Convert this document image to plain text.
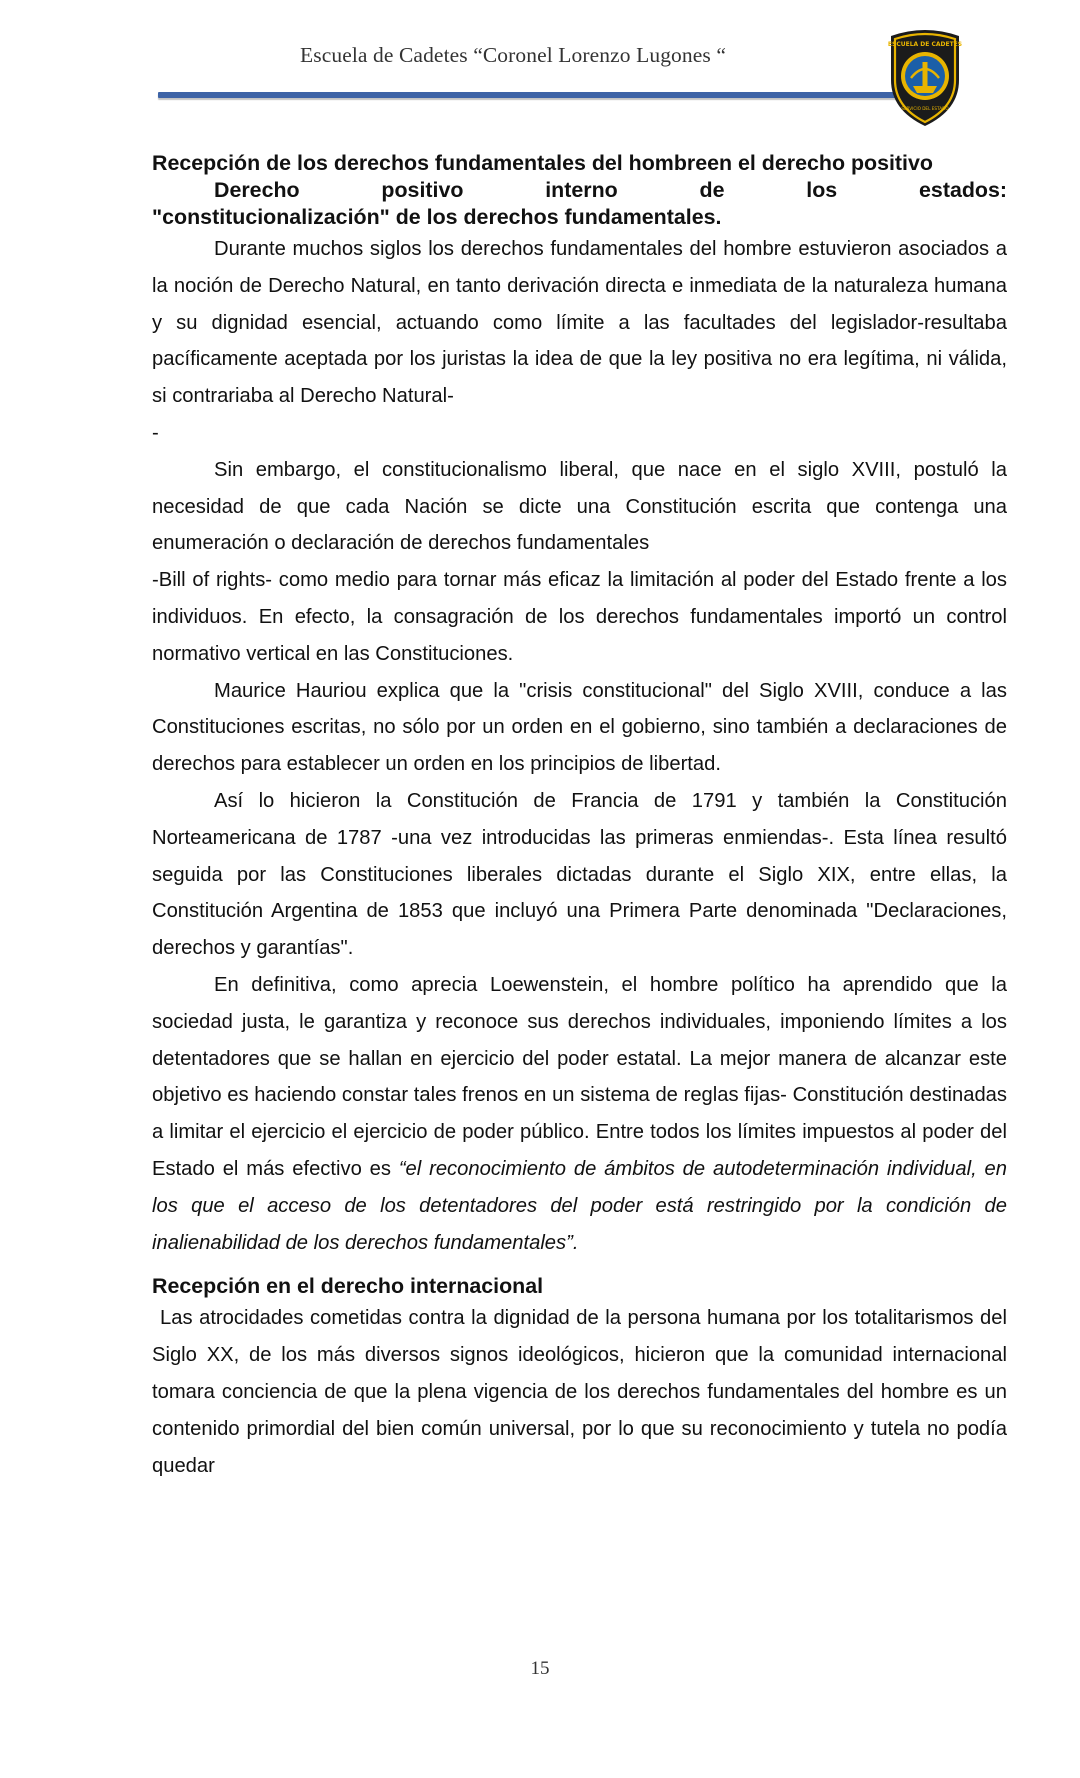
Escuela de Cadetes “Coronel Lorenzo Lugones “	ESCUELA DE CADETES
SERVICIO DEL ESTADO

Recepción de los derechos fundamentales del hombreen el derecho positivo

Derecho positivo interno de los estados:
"constitucionalización" de los derechos fundamentales.

Durante muchos siglos los derechos fundamentales del hombre estuvieron asociados a la noción de Derecho Natural, en tanto derivación directa e inmediata de la naturaleza humana y su dignidad esencial, actuando como límite a las facultades del legislador-resultaba pacíficamente aceptada por los juristas la idea de que la ley positiva no era legítima, ni válida, si contrariaba al Derecho Natural-

-

Sin embargo, el constitucionalismo liberal, que nace en el siglo XVIII, postuló la necesidad de que cada Nación se dicte una Constitución escrita que contenga una enumeración o declaración de derechos fundamentales
-Bill of rights- como medio para tornar más eficaz la limitación al poder del Estado frente a los individuos. En efecto, la consagración de los derechos fundamentales importó un control normativo vertical en las Constituciones.

Maurice Hauriou explica que la "crisis constitucional" del Siglo XVIII, conduce a las Constituciones escritas, no sólo por un orden en el gobierno, sino también a declaraciones de derechos para establecer un orden en los principios de libertad.

Así lo hicieron la Constitución de Francia de 1791 y también la Constitución Norteamericana de 1787 -una vez introducidas las primeras enmiendas-. Esta línea resultó seguida por las Constituciones liberales dictadas durante el Siglo XIX, entre ellas, la Constitución Argentina de 1853 que incluyó una Primera Parte denominada "Declaraciones, derechos y garantías".

En definitiva, como aprecia Loewenstein, el hombre político ha aprendido que la sociedad justa, le garantiza y reconoce sus derechos individuales, imponiendo límites a los detentadores que se hallan en ejercicio del poder estatal. La mejor manera de alcanzar este objetivo es haciendo constar tales frenos en un sistema de reglas fijas- Constitución destinadas a limitar el ejercicio el ejercicio de poder público. Entre todos los límites impuestos al poder del Estado el más efectivo es “el reconocimiento de ámbitos de autodeterminación individual, en los que el acceso de los detentadores del poder está restringido por la condición de inalienabilidad de los derechos fundamentales”.

Recepción en el derecho internacional

Las atrocidades cometidas contra la dignidad de la persona humana por los totalitarismos del Siglo XX, de los más diversos signos ideológicos, hicieron que la comunidad internacional tomara conciencia de que la plena vigencia de los derechos fundamentales del hombre es un contenido primordial del bien común universal, por lo que su reconocimiento y tutela no podía quedar

15
